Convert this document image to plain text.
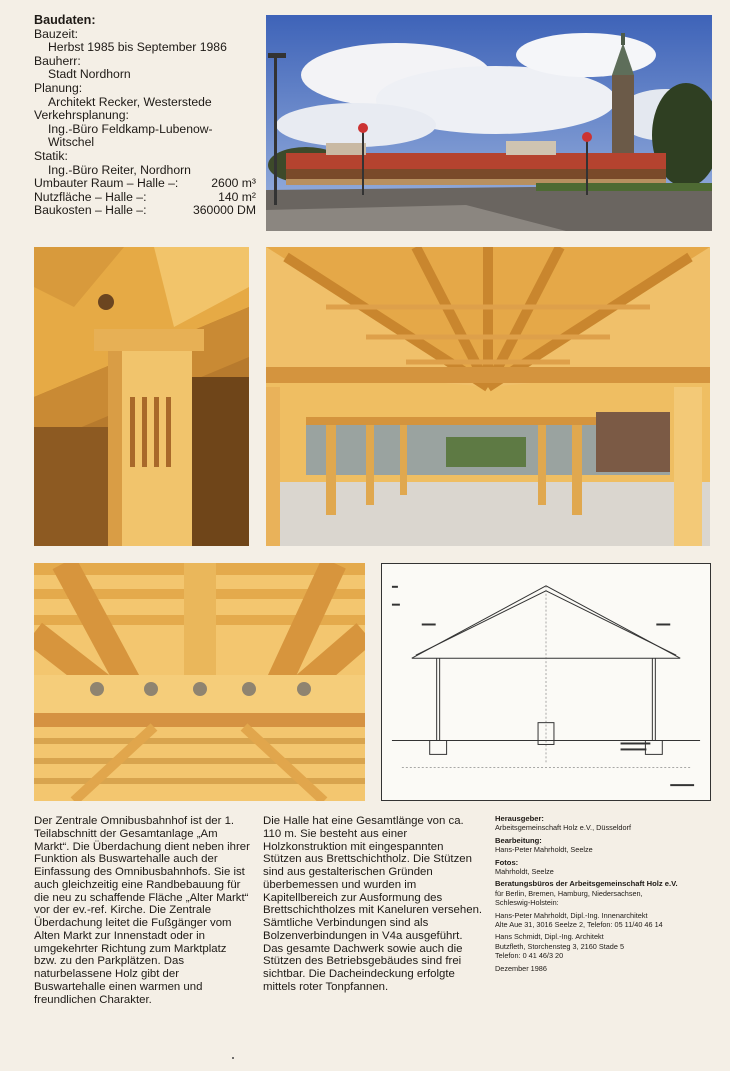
Baudaten:
Bauzeit:
Herbst 1985 bis September 1986
Bauherr:
Stadt Nordhorn
Planung:
Architekt Recker, Westerstede
Verkehrsplanung:
Ing.-Büro Feldkamp-Lubenow-
Witschel
Statik:
Ing.-Büro Reiter, Nordhorn
Umbauter Raum – Halle –:	2600 m³
Nutzfläche – Halle –:	140 m²
Baukosten – Halle –:	360000 DM
Der Zentrale Omnibusbahnhof ist der 1. Teilabschnitt der Gesamtanlage „Am Markt“. Die Überdachung dient neben ihrer Funktion als Buswartehalle auch der Einfassung des Omnibusbahnhofs. Sie ist auch gleichzeitig eine Randbebauung für die neu zu schaffende Fläche „Alter Markt“ vor der ev.-ref. Kirche. Die Zentrale Überdachung leitet die Fußgänger vom Alten Markt zur Innenstadt oder in umgekehrter Richtung zum Marktplatz bzw. zu den Parkplätzen. Das naturbelassene Holz gibt der Buswartehalle einen warmen und freundlichen Charakter.
Die Halle hat eine Gesamtlänge von ca. 110 m. Sie besteht aus einer Holzkonstruktion mit eingespannten Stützen aus Brettschichtholz. Die Stützen sind aus gestalterischen Gründen überbemessen und wurden im Kapitellbereich zur Ausformung des Brettschichtholzes mit Kaneluren versehen. Sämtliche Verbindungen sind als Bolzenverbindungen in V4a ausgeführt. Das gesamte Dachwerk sowie auch die Stützen des Betriebsgebäudes sind frei sichtbar. Die Dacheindeckung erfolgte mittels roter Tonpfannen.
Herausgeber:
Arbeitsgemeinschaft Holz e.V., Düsseldorf
Bearbeitung:
Hans-Peter Mahrholdt, Seelze
Fotos:
Mahrholdt, Seelze
Beratungsbüros der Arbeitsgemeinschaft Holz e.V.
für Berlin, Bremen, Hamburg, Niedersachsen,
Schleswig-Holstein:
Hans-Peter Mahrholdt, Dipl.-Ing. Innenarchitekt
Alte Aue 31, 3016 Seelze 2, Telefon: 05 11/40 46 14
Hans Schmidt, Dipl.-Ing. Architekt
Butzfleth, Storchensteg 3, 2160 Stade 5
Telefon: 0 41 46/3 20
Dezember 1986
